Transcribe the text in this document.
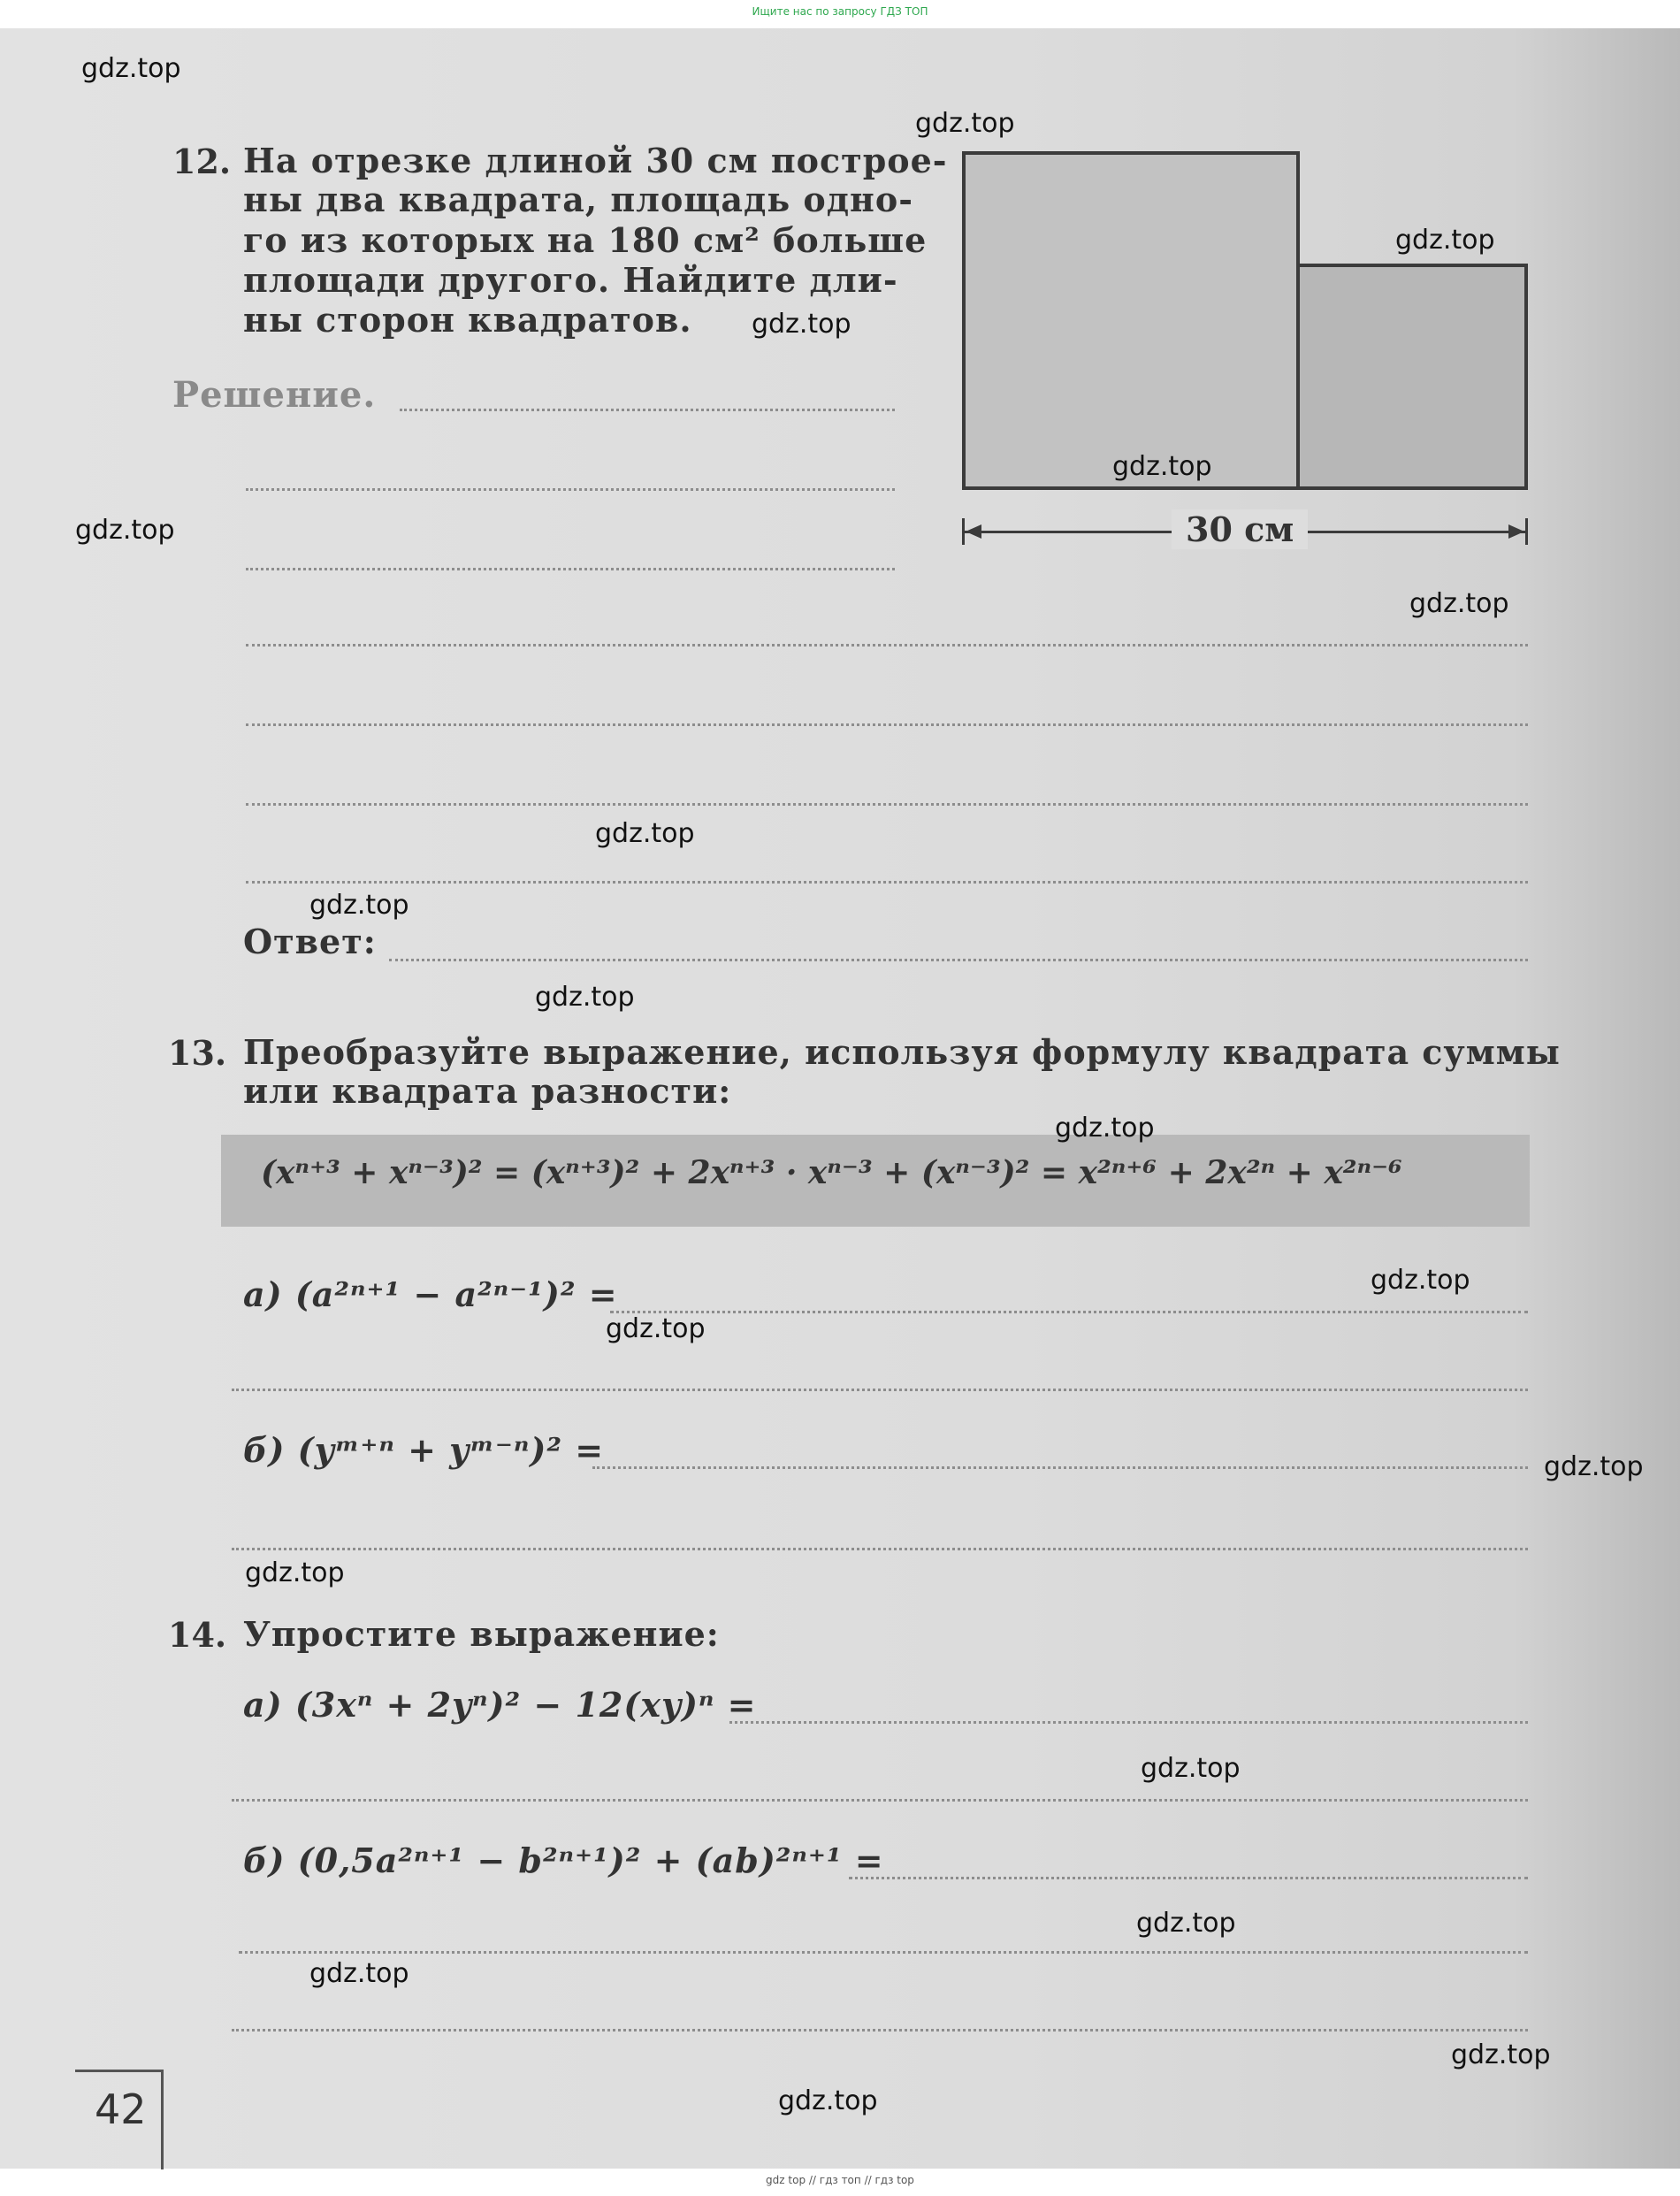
Ищите нас по запросу ГДЗ ТОП
12. На отрезке длиной 30 см построе-
ны два квадрата, площадь одно-
го из которых на 180 см² больше
площади другого. Найдите дли-
ны сторон квадратов.
Решение.
Ответ:
30 см
13. Преобразуйте выражение, используя формулу квадрата суммы
или квадрата разности:
(xⁿ⁺³ + xⁿ⁻³)² = (xⁿ⁺³)² + 2xⁿ⁺³ · xⁿ⁻³ + (xⁿ⁻³)² = x²ⁿ⁺⁶ + 2x²ⁿ + x²ⁿ⁻⁶
а) (a²ⁿ⁺¹ − a²ⁿ⁻¹)² =
б) (yᵐ⁺ⁿ + yᵐ⁻ⁿ)² =
14. Упростите выражение:
а) (3xⁿ + 2yⁿ)² − 12(xy)ⁿ =
б) (0,5a²ⁿ⁺¹ − b²ⁿ⁺¹)² + (ab)²ⁿ⁺¹ =
42
gdz.top
gdz.top
gdz.top
gdz.top
gdz.top
gdz.top
gdz.top
gdz.top
gdz.top
gdz.top
gdz.top
gdz.top
gdz.top
gdz.top
gdz.top
gdz.top
gdz.top
gdz.top
gdz.top
gdz.top
gdz top // гдз топ // гдз top
